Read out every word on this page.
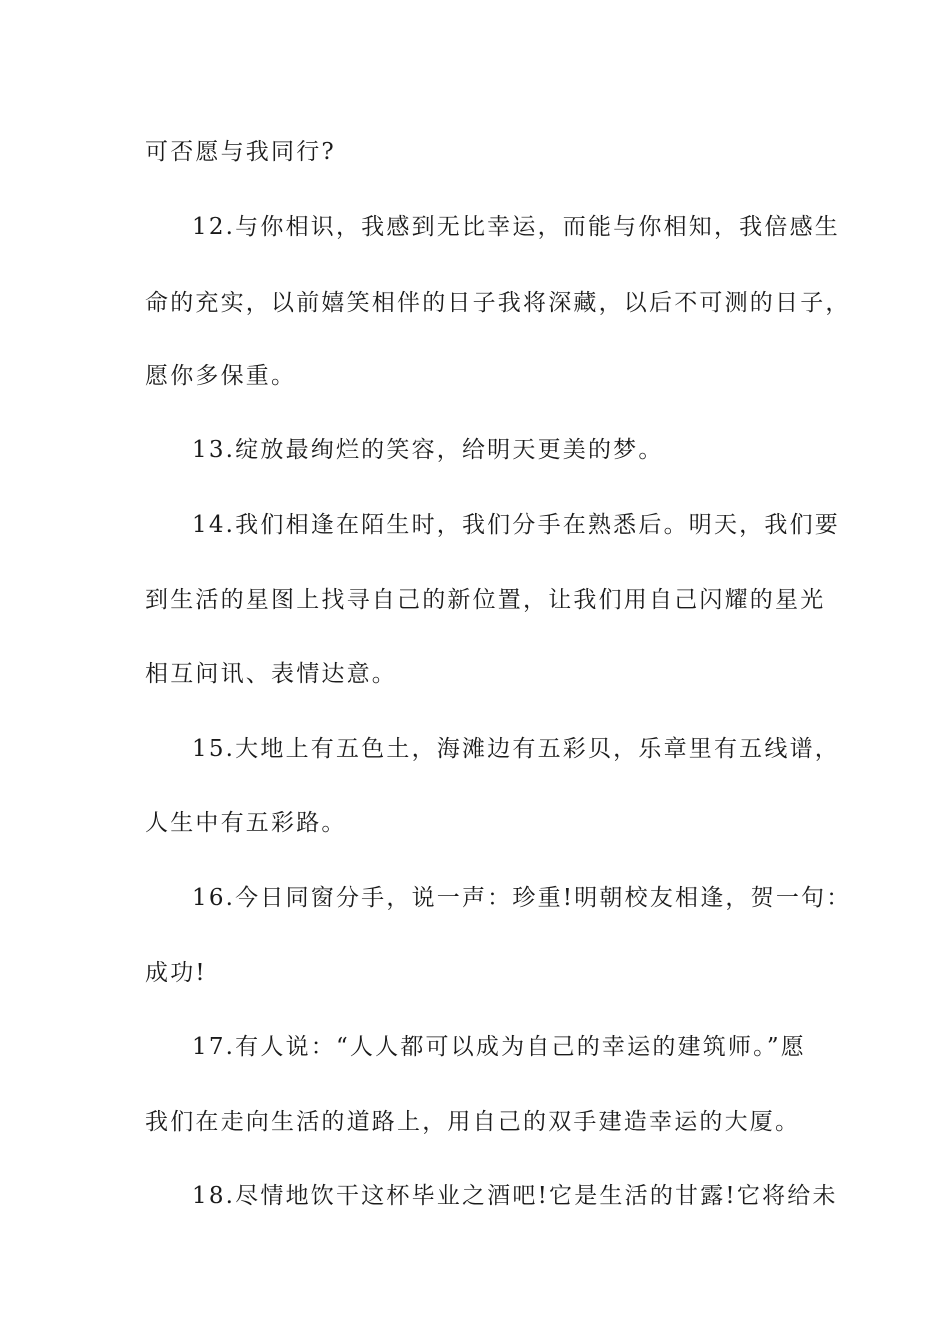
可否愿与我同行?
12.与你相识，我感到无比幸运，而能与你相知，我倍感生
命的充实，以前嬉笑相伴的日子我将深藏，以后不可测的日子，
愿你多保重。
13.绽放最绚烂的笑容，给明天更美的梦。
14.我们相逢在陌生时，我们分手在熟悉后。明天，我们要
到生活的星图上找寻自己的新位置，让我们用自己闪耀的星光
相互问讯、表情达意。
15.大地上有五色土，海滩边有五彩贝，乐章里有五线谱，
人生中有五彩路。
16.今日同窗分手，说一声：珍重!明朝校友相逢，贺一句：
成功!
17.有人说：“人人都可以成为自己的幸运的建筑师。”愿
我们在走向生活的道路上，用自己的双手建造幸运的大厦。
18.尽情地饮干这杯毕业之酒吧!它是生活的甘露!它将给未
